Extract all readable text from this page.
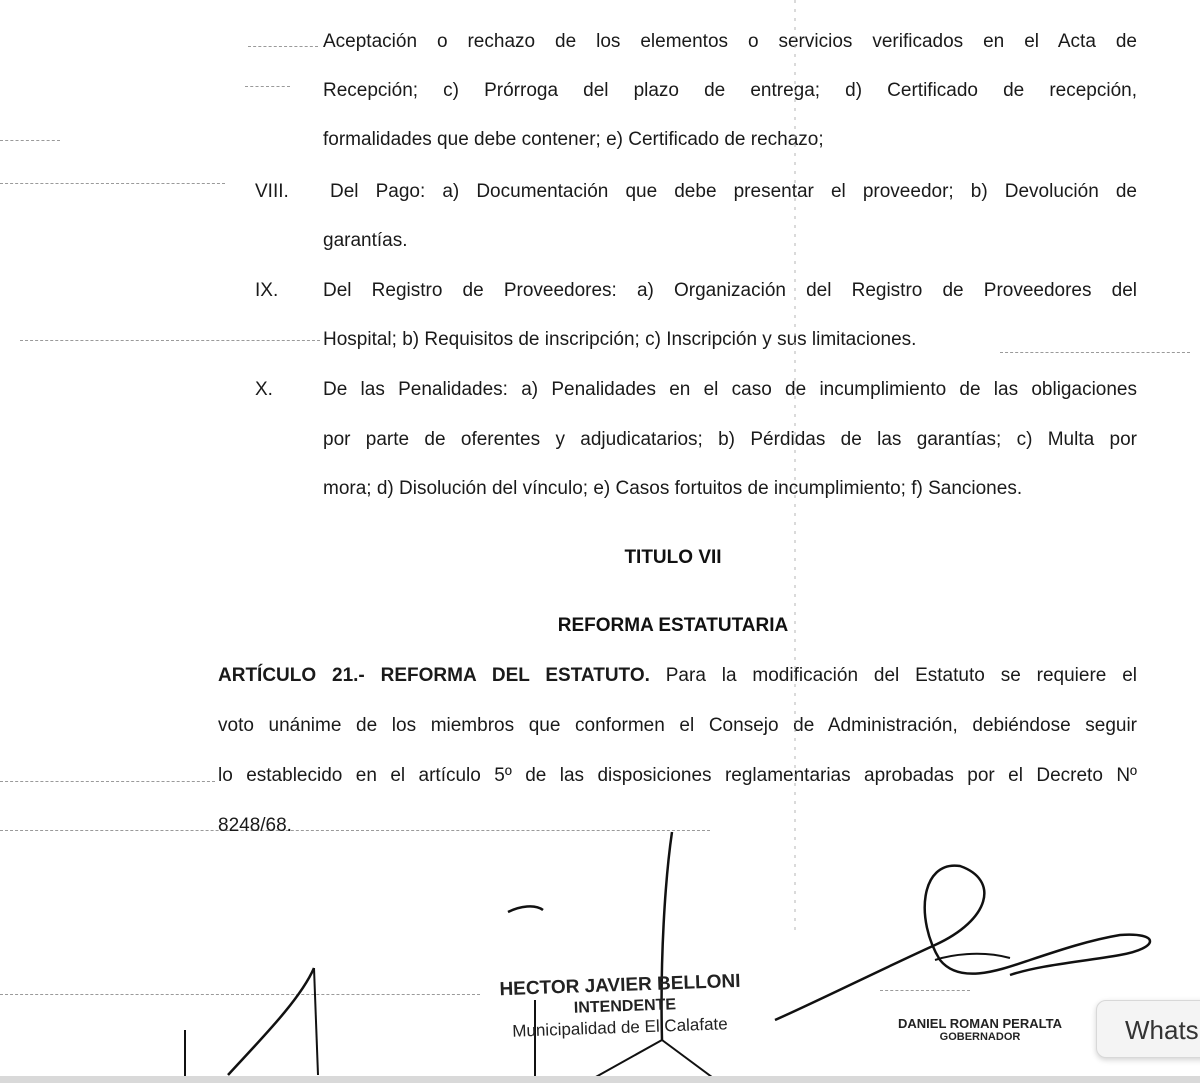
Aceptación o rechazo de los elementos o servicios verificados en el Acta de
Recepción; c) Prórroga del plazo de entrega; d) Certificado de recepción,
formalidades que debe contener; e) Certificado de rechazo;
VIII. Del Pago: a) Documentación que debe presentar el proveedor; b) Devolución de
garantías.
IX. Del Registro de Proveedores: a) Organización del Registro de Proveedores del
Hospital; b) Requisitos de inscripción; c) Inscripción y sus limitaciones.
X.	De las Penalidades: a) Penalidades en el caso de incumplimiento de las obligaciones
por parte de oferentes y adjudicatarios; b) Pérdidas de las garantías; c) Multa por
mora; d) Disolución del vínculo; e) Casos fortuitos de incumplimiento; f) Sanciones.
TITULO VII
REFORMA ESTATUTARIA
ARTÍCULO 21.- REFORMA DEL ESTATUTO. Para la modificación del Estatuto se requiere el
voto unánime de los miembros que conformen el Consejo de Administración, debiéndose seguir
lo establecido en el artículo 5º de las disposiciones reglamentarias aprobadas por el Decreto Nº
8248/68.
HECTOR JAVIER BELLONI
INTENDENTE
Municipalidad de El Calafate	DANIEL ROMAN PERALTA
GOBERNADOR	Whats
